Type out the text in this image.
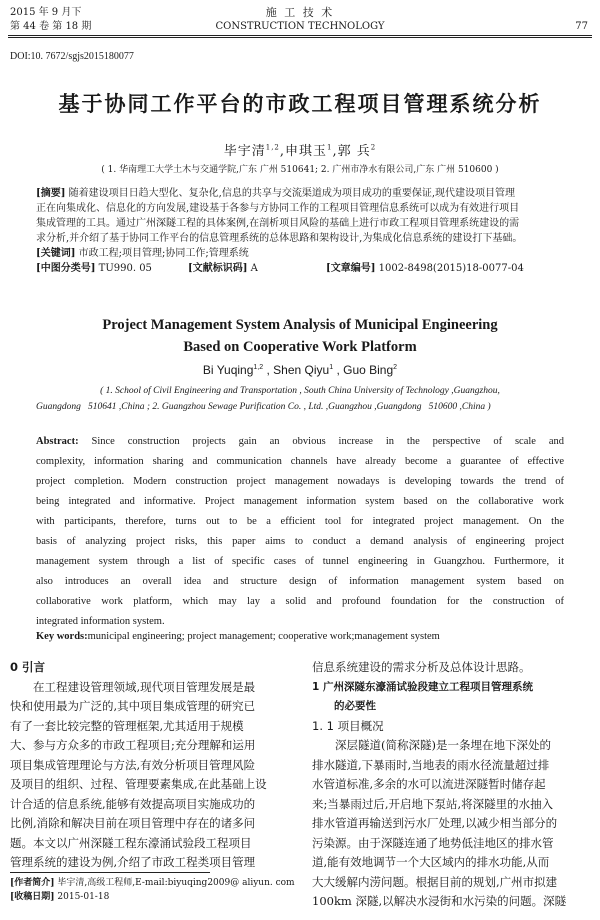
2015 年 9 月下
第 44 卷 第 18 期
施 工 技 术
CONSTRUCTION TECHNOLOGY	77
DOI:10. 7672/sgjs2015180077
基于协同工作平台的市政工程项目管理系统分析
毕宇清$^{1,2}$,申琪玉$^1$,郭 兵$^2$
( 1. 华南理工大学土木与交通学院,广东 广州 510641; 2. 广州市净水有限公司,广东 广州 510600 )
[摘要] 随着建设项目日趋大型化、复杂化,信息的共享与交流渠道成为项目成功的重要保证,现代建设项目管理
正在向集成化、信息化的方向发展,建设基于各参与方协同工作的工程项目管理信息系统可以成为有效进行项目
集成管理的工具。通过广州深隧工程的具体案例,在剖析项目风险的基础上进行市政工程项目管理系统建设的需
求分析,并介绍了基于协同工作平台的信息管理系统的总体思路和架构设计,为集成化信息系统的建设打下基础。
[关键词] 市政工程;项目管理;协同工作;管理系统
[中图分类号] TU990. 05	[文献标识码] A	[文章编号] 1002-8498(2015)18-0077-04
Project Management System Analysis of Municipal Engineering
Based on Cooperative Work Platform
Bi Yuqing$^{1,2}$ , Shen Qiyu$^1$ , Guo Bing$^2$
( 1. School of Civil Engineering and Transportation , South China University of Technology ,Guangzhou,
Guangdong   510641 ,China ; 2. Guangzhou Sewage Purification Co. , Ltd. ,Guangzhou ,Guangdong   510600 ,China )
Abstract: Since construction projects gain an obvious increase in the perspective of scale and
complexity, information sharing and communication channels have already become a guarantee of effective
project completion. Modern construction project management nowadays is developing towards the trend of
being integrated and informative. Project management information system based on the collaborative work
with participants, therefore, turns out to be a efficient tool for integrated project management. On the
basis of analyzing project risks, this paper aims to conduct a demand analysis of engineering project
management system through a list of specific cases of tunnel engineering in Guangzhou. Furthermore, it
also introduces an overall idea and structure design of information management system based on
collaborative work platform, which may lay a solid and profound foundation for the construction of
integrated information system.
Key words:municipal engineering; project management; cooperative work;management system
0 引言
在工程建设管理领域,现代项目管理发展是最
快和使用最为广泛的,其中项目集成管理的研究已
有了一套比较完整的管理框架,尤其适用于规模
大、参与方众多的市政工程项目;充分理解和运用
项目集成管理理论与方法,有效分析项目管理风险
及项目的组织、过程、管理要素集成,在此基础上设
计合适的信息系统,能够有效提高项目实施成功的
比例,消除和解决目前在项目管理中存在的诸多问
题。本文以广州深隧工程东濠涌试验段工程项目
管理系统的建设为例,介绍了市政工程类项目管理
[作者简介] 毕宇清,高级工程师,E-mail:biyuqing2009@ aliyun. com
[收稿日期] 2015-01-18
信息系统建设的需求分析及总体设计思路。
1 广州深隧东濠涌试验段建立工程项目管理系统
的必要性
1. 1 项目概况
深层隧道(简称深隧)是一条埋在地下深处的
排水隧道,下暴雨时,当地表的雨水径流量超过排
水管道标准,多余的水可以流进深隧暂时储存起
来;当暴雨过后,开启地下泵站,将深隧里的水抽入
排水管道再输送到污水厂处理,以减少相当部分的
污染源。由于深隧连通了地势低洼地区的排水管
道,能有效地调节一个大区域内的排水功能,从而
大大缓解内涝问题。根据目前的规划,广州市拟建
100km 深隧,以解决水浸街和水污染的问题。深隧
